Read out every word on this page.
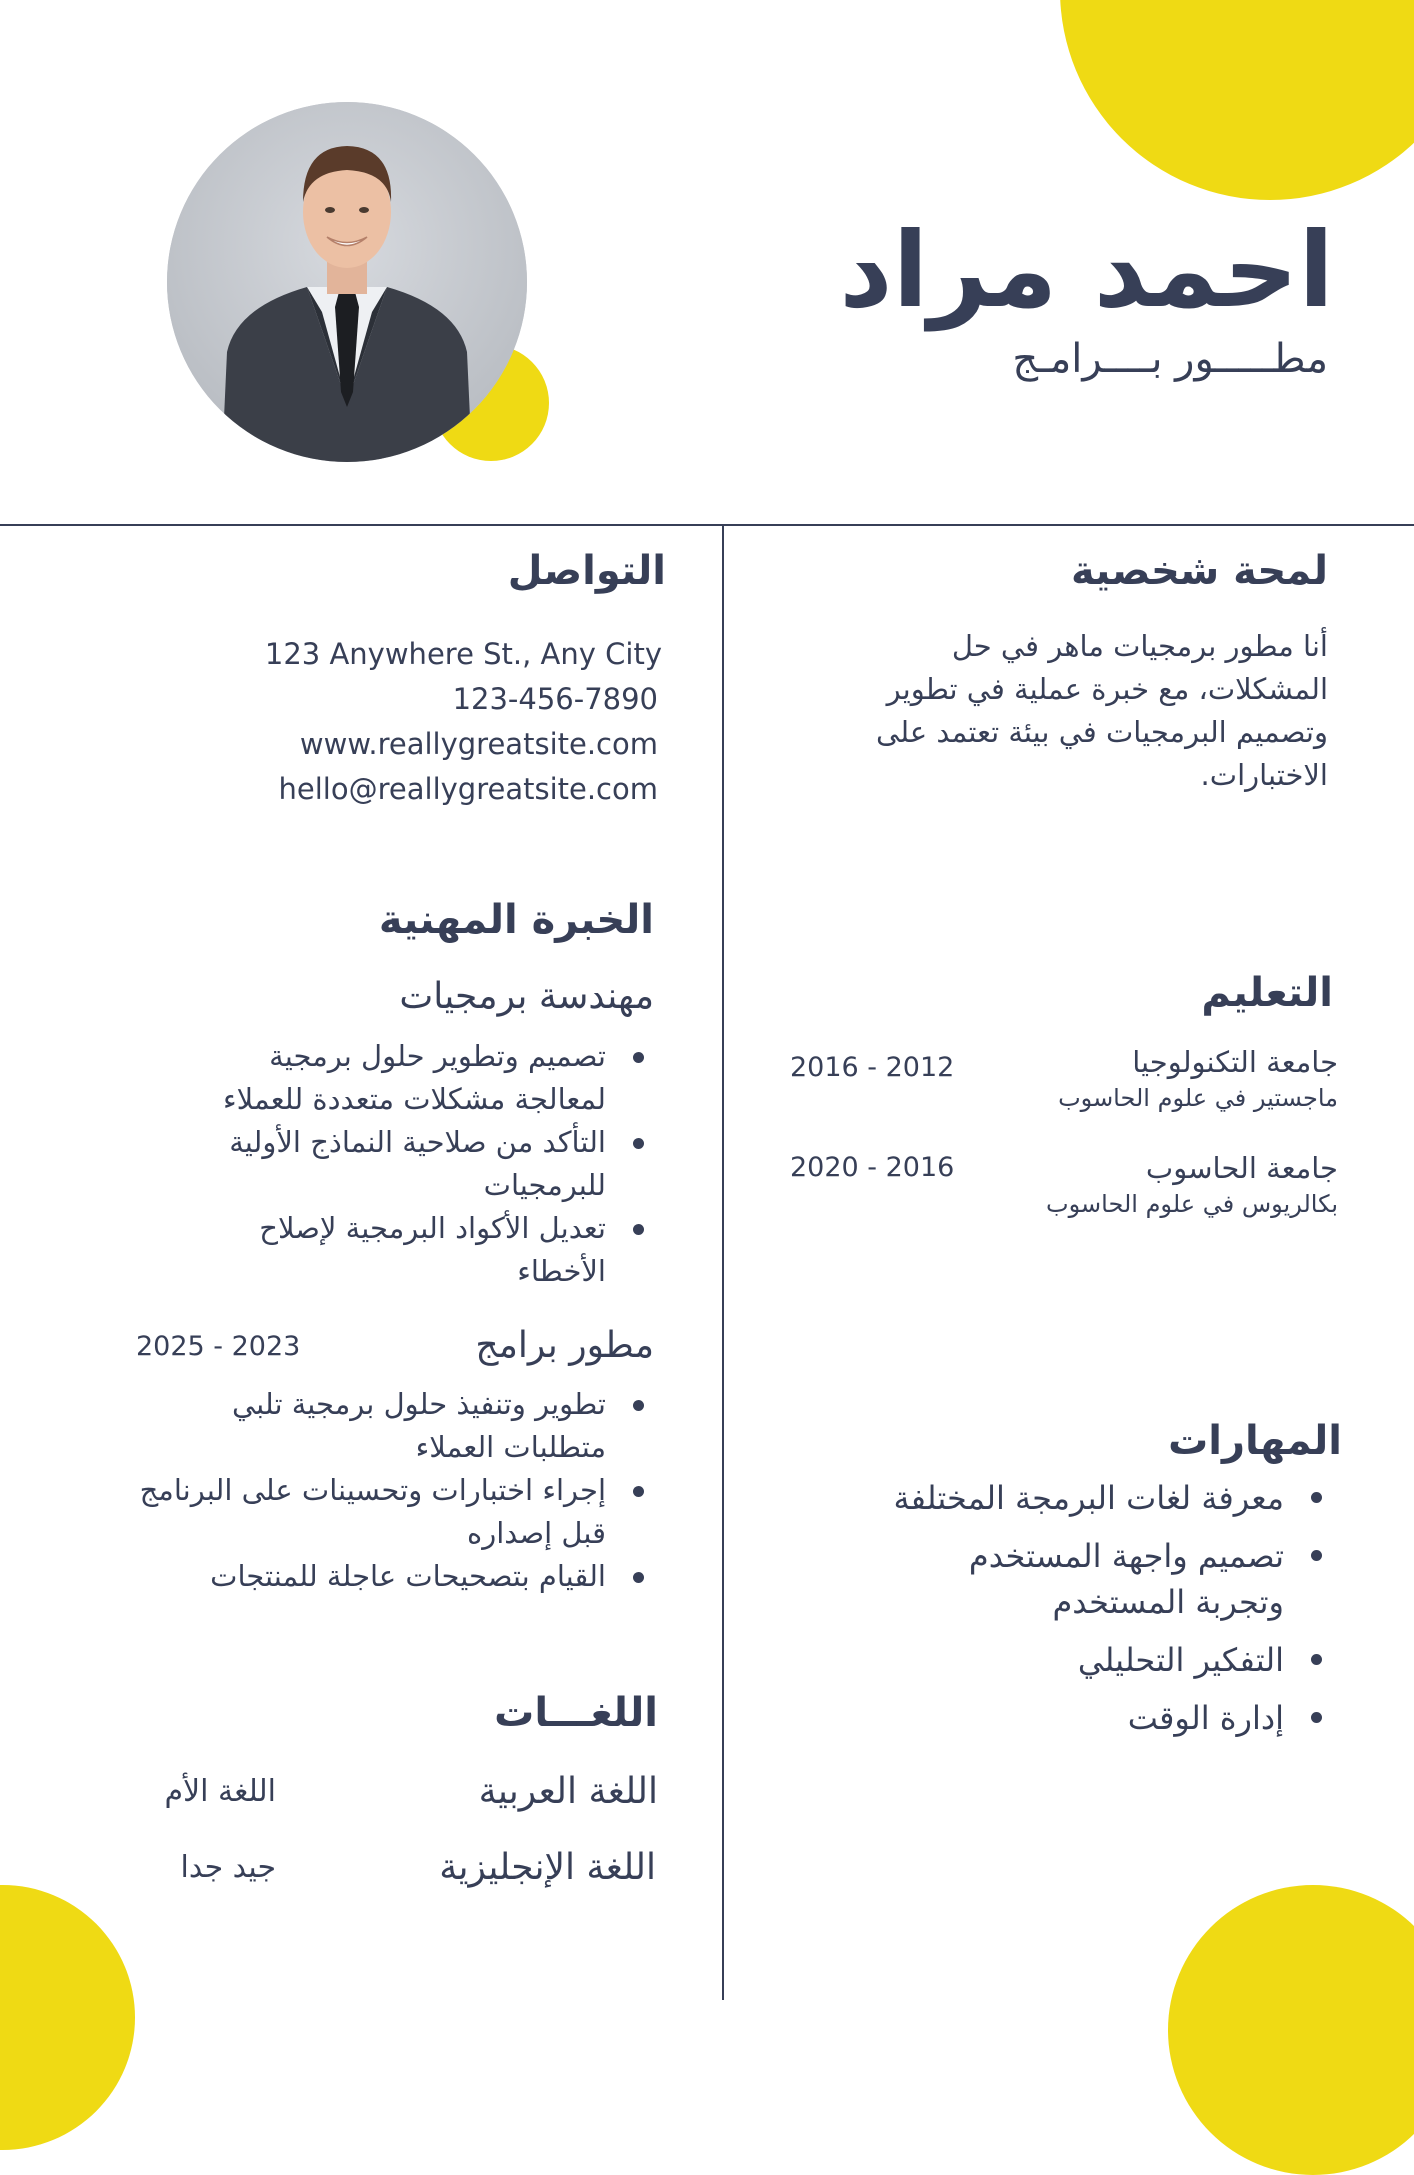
احمد مراد
مطـــــور بــــرامـج
لمحة شخصية
أنا مطور برمجيات ماهر في حل
المشكلات، مع خبرة عملية في تطوير
وتصميم البرمجيات في بيئة تعتمد على
الاختبارات.
التعليم
جامعة التكنولوجيا
ماجستير في علوم الحاسوب
2016 - 2012
جامعة الحاسوب
بكالريوس في علوم الحاسوب
2020 - 2016
المهارات
معرفة لغات البرمجة المختلفة
تصميم واجهة المستخدم
وتجربة المستخدم
التفكير التحليلي
إدارة الوقت
التواصل
123 Anywhere St., Any City
123-456-7890
www.reallygreatsite.com
hello@reallygreatsite.com
الخبرة المهنية
مهندسة برمجيات
تصميم وتطوير حلول برمجية
لمعالجة مشكلات متعددة للعملاء
التأكد من صلاحية النماذج الأولية
للبرمجيات
تعديل الأكواد البرمجية لإصلاح
الأخطاء
مطور برامج
2025 - 2023
تطوير وتنفيذ حلول برمجية تلبي
متطلبات العملاء
إجراء اختبارات وتحسينات على البرنامج
قبل إصداره
القيام بتصحيحات عاجلة للمنتجات
اللغـــات
اللغة العربية
اللغة الأم
اللغة الإنجليزية
جيد جدا
